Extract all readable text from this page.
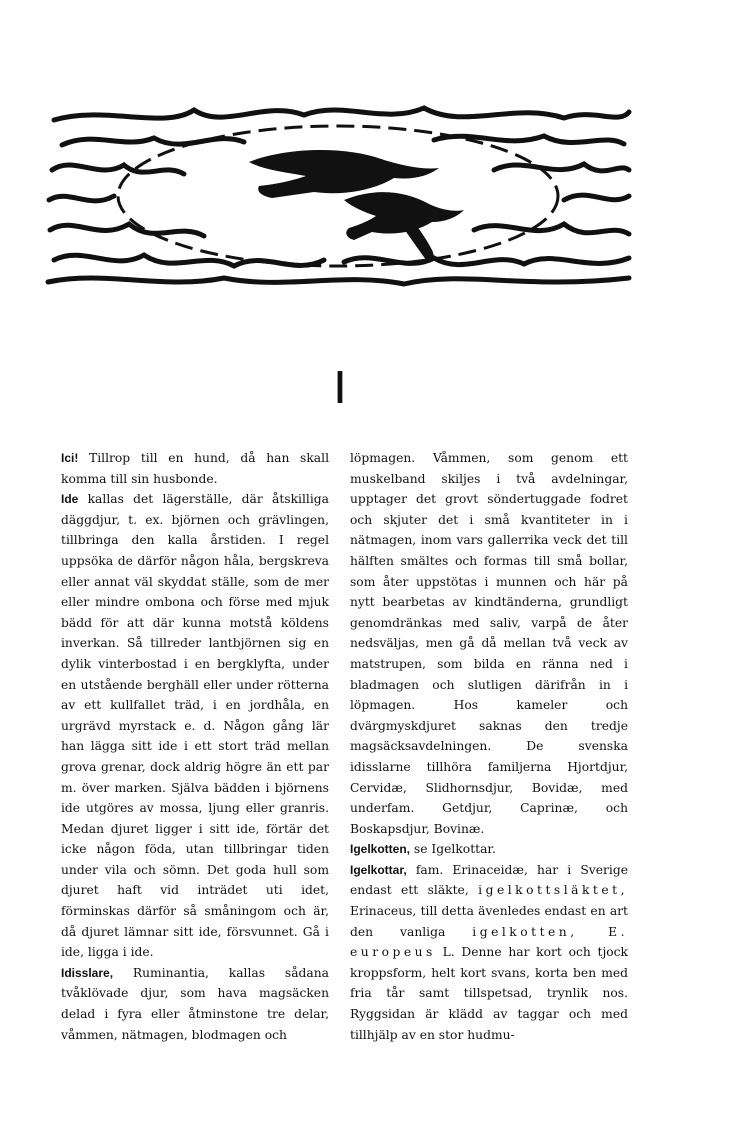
I

Ici! Tillrop till en hund, då han skall komma till sin husbonde.

Ide kallas det lägerställe, där åtskilliga däggdjur, t. ex. björnen och grävlingen, tillbringa den kalla årstiden. I regel uppsöka de därför någon håla, bergskreva eller annat väl skyddat ställe, som de mer eller mindre ombona och förse med mjuk bädd för att där kunna motstå köldens inverkan. Så tillreder lantbjörnen sig en dylik vinterbostad i en bergklyfta, under en utstående berghäll eller under rötterna av ett kullfallet träd, i en jordhåla, en urgrävd myrstack e. d. Någon gång lär han lägga sitt ide i ett stort träd mellan grova grenar, dock aldrig högre än ett par m. över marken. Själva bädden i björnens ide utgöres av mossa, ljung eller granris. Medan djuret ligger i sitt ide, förtär det icke någon föda, utan tillbringar tiden under vila och sömn. Det goda hull som djuret haft vid inträdet uti idet, förminskas därför så småningom och är, då djuret lämnar sitt ide, försvunnet. Gå i ide, ligga i ide.

Idisslare, Ruminantia, kallas sådana tvåklövade djur, som hava magsäcken delad i fyra eller åtminstone tre delar, våmmen, nätmagen, blodmagen och

löpmagen. Våmmen, som genom ett muskelband skiljes i två avdelningar, upptager det grovt söndertuggade fodret och skjuter det i små kvantiteter in i nätmagen, inom vars gallerrika veck det till hälften smältes och formas till små bollar, som åter uppstötas i munnen och här på nytt bearbetas av kindtänderna, grundligt genomdränkas med saliv, varpå de åter nedsväljas, men gå då mellan två veck av matstrupen, som bilda en ränna ned i bladmagen och slutligen därifrån in i löpmagen. Hos kameler och dvärgmyskdjuret saknas den tredje magsäcksavdelningen. De svenska idisslarne tillhöra familjerna Hjortdjur, Cervidæ, Slidhornsdjur, Bovidæ, med underfam. Getdjur, Caprinæ, och Boskapsdjur, Bovinæ.

Igelkotten, se Igelkottar.

Igelkottar, fam. Erinaceidæ, har i Sverige endast ett släkte, igelkottsläktet, Erinaceus, till detta ävenledes endast en art den vanliga igelkotten, E. europeus L. Denne har kort och tjock kroppsform, helt kort svans, korta ben med fria tår samt tillspetsad, trynlik nos. Ryggsidan är klädd av taggar och med tillhjälp av en stor hudmu-
